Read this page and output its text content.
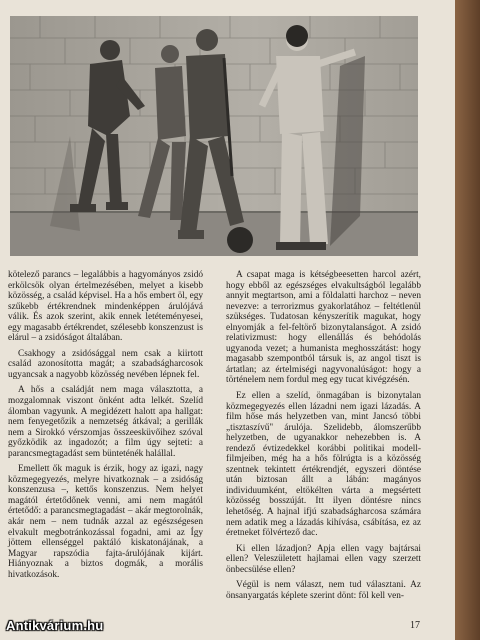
kötelező parancs – legalábbis a hagyományos zsidó erkölcsök olyan értelmezésében, melyet a kisebb közösség, a család képvisel. Ha a hős embert öl, egy szűkebb értékrendnek mindenképpen árulójává válik. És azok szerint, akik ennek letéteményesei, egy magasabb értékrendet, szélesebb konszenzust is elárul – a zsidóságot általában.

Csakhogy a zsidósággal nem csak a kiirtott család azonosította magát; a szabadságharcosok ugyancsak a nagyobb közösség nevében lépnek fel.

A hős a családját nem maga választotta, a mozgalomnak viszont önként adta lelkét. Szelíd álomban vagyunk. A megidézett halott apa hallgat: nem fenyegetőzik a nemzetség átkával; a gerillák nem a Sirokkó vérszomjas összeesküvőihez szóval győzködik az ingadozót; a film úgy sejteti: a parancsmegtagadást sem bünteténék halállal.

Emellett ők maguk is érzik, hogy az igazi, nagy közmegegyezés, melyre hivatkoznak – a zsidóság konszenzusa –, kettős konszenzus. Nem helyet magától értetődőnek venni, ami nem magától értetődő: a parancsmegtagadást – akár megtorolnák, akár nem – nem tudnák azzal az egészségesen elvakult megbotránkozással fogadni, ami az Így jöttem ellenséggel paktáló kiskatonájának, a Magyar rapszódia fajta-árulójának kijárt. Hiányoznak a biztos dogmák, a morális hivatkozások.

A csapat maga is kétségbeesetten harcol azért, hogy ebből az egészséges elvakultságból legalább annyit megtartson, ami a földalatti harchoz – neven nevezve: a terrorizmus gyakorlatához – feltétlenül szükséges. Tudatosan kényszerítik magukat, hogy elnyomják a fel-feltörő bizonytalanságot. A zsidó relativizmust: hogy ellenállás és behódolás ugyanoda vezet; a humanista meghosszátást: hogy magasabb szempontból társuk is, az angol tiszt is ártatlan; az értelmiségi nagyvonalúságot: hogy a történelem nem fordul meg egy tucat kivégzésén.

Ez ellen a szelíd, önmagában is bizonytalan közmegegyezés ellen lázadni nem igazi lázadás. A film hőse más helyzetben van, mint Jancsó többi „tisztaszívű" árulója. Szelidebb, álomszerűbb helyzetben, de ugyanakkor nehezebben is. A rendező évtizedekkel korábbi politikai modell-filmjeiben, még ha a hős fölrúgta is a közösség szentnek tekintett értékrendjét, egyszeri döntése után biztosan állt a lábán: magányos individuumként, eltökélten várta a megsértett közösség bosszúját. Itt ilyen döntésre nincs lehetőség. A hajnal ifjú szabadságharcosa számára nem adatik meg a lázadás kihívása, csábítása, ez az éretneket fölvértező dac.

Ki ellen lázadjon? Apja ellen vagy bajtársai ellen? Veleszületett hajlamai ellen vagy szerzett önbecsülése ellen?

Végül is nem választ, nem tud választani. Az önsanyargatás képlete szerint dönt: föl kell ven-

17
Antikvárium.hu
